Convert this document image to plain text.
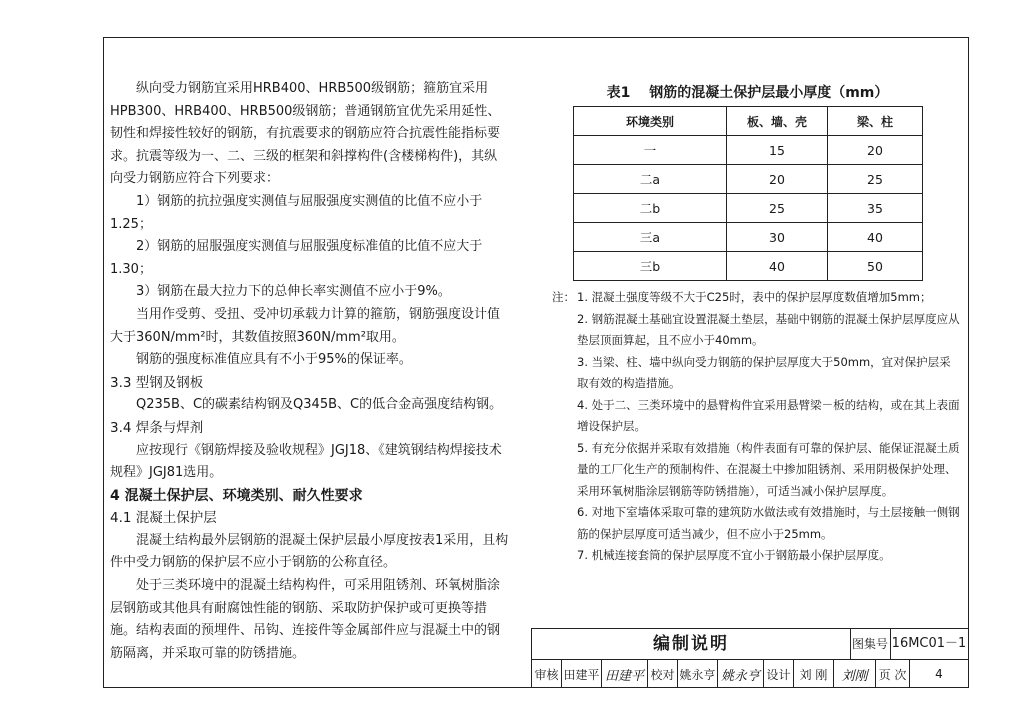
纵向受力钢筋宜采用HRB400、HRB500级钢筋；箍筋宜采用HPB300、HRB400、HRB500级钢筋；普通钢筋宜优先采用延性、韧性和焊接性较好的钢筋，有抗震要求的钢筋应符合抗震性能指标要求。抗震等级为一、二、三级的框架和斜撑构件(含楼梯构件)，其纵向受力钢筋应符合下列要求：

1）钢筋的抗拉强度实测值与屈服强度实测值的比值不应小于1.25；

2）钢筋的屈服强度实测值与屈服强度标准值的比值不应大于1.30；

3）钢筋在最大拉力下的总伸长率实测值不应小于9%。

当用作受剪、受扭、受冲切承载力计算的箍筋，钢筋强度设计值大于360N/mm²时，其数值按照360N/mm²取用。

钢筋的强度标准值应具有不小于95%的保证率。

3.3 型钢及钢板

Q235B、C的碳素结构钢及Q345B、C的低合金高强度结构钢。

3.4 焊条与焊剂

应按现行《钢筋焊接及验收规程》JGJ18、《建筑钢结构焊接技术规程》JGJ81选用。

4 混凝土保护层、环境类别、耐久性要求

4.1 混凝土保护层

混凝土结构最外层钢筋的混凝土保护层最小厚度按表1采用，且构件中受力钢筋的保护层不应小于钢筋的公称直径。

处于三类环境中的混凝土结构构件，可采用阻锈剂、环氧树脂涂层钢筋或其他具有耐腐蚀性能的钢筋、采取防护保护或可更换等措施。结构表面的预埋件、吊钩、连接件等金属部件应与混凝土中的钢筋隔离，并采取可靠的防锈措施。

表1 钢筋的混凝土保护层最小厚度（mm）
环境类别	板、墙、壳	梁、柱
一	15	20
二a	20	25
二b	25	35
三a	30	40
三b	40	50
注： 1. 混凝土强度等级不大于C25时，表中的保护层厚度数值增加5mm；
2. 钢筋混凝土基础宜设置混凝土垫层，基础中钢筋的混凝土保护层厚度应从垫层顶面算起，且不应小于40mm。
3. 当梁、柱、墙中纵向受力钢筋的保护层厚度大于50mm，宜对保护层采取有效的构造措施。
4. 处于二、三类环境中的悬臂构件宜采用悬臂梁－板的结构，或在其上表面增设保护层。
5. 有充分依据并采取有效措施（构件表面有可靠的保护层、能保证混凝土质量的工厂化生产的预制构件、在混凝土中掺加阻锈剂、采用阴极保护处理、采用环氧树脂涂层钢筋等防锈措施），可适当减小保护层厚度。
6. 对地下室墙体采取可靠的建筑防水做法或有效措施时，与土层接触一侧钢筋的保护层厚度可适当减少，但不应小于25mm。
7. 机械连接套筒的保护层厚度不宜小于钢筋最小保护层厚度。
编制说明	图集号 16MC01－1
审核 田建平 田建平 校对 姚永亨 姚永亨 设计 刘 刚	刘刚 页 次	4
